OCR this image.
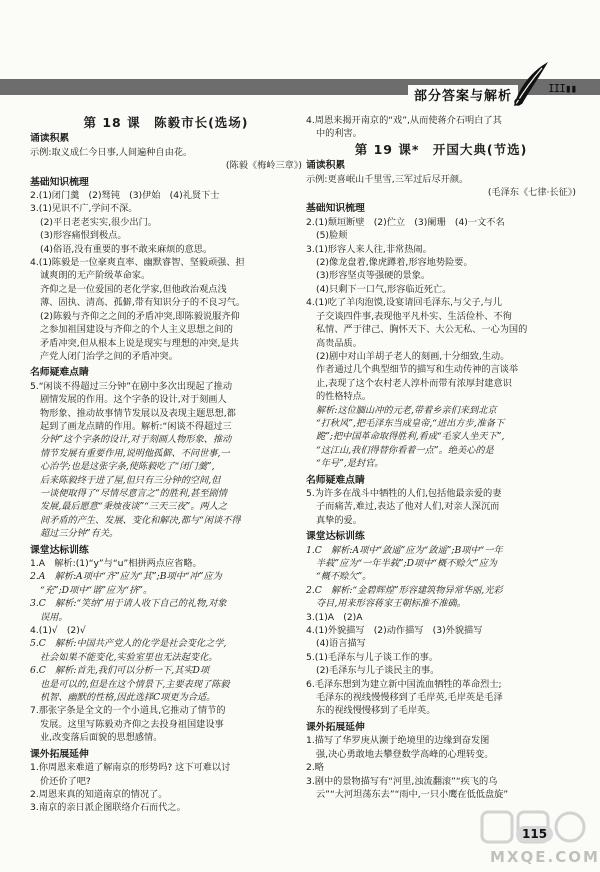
部分答案与解析
III▮▮
第 18 课　陈毅市长(选场)
诵读积累
示例:取义成仁今日事,人间遍种自由花。
(陈毅《梅岭三章》)
基础知识梳理
2.(1)闭门羹　(2)驽钝　(3)伊始　(4)礼贤下士
3.(1)见识不广,学问不深。
(2)平日老老实实,很少出门。
(3)形容痛恨到极点。
(4)俗语,没有重要的事不敢来麻烦的意思。
4.(1)陈毅是一位豪爽直率、幽默睿智、坚毅顽强、担
诚爽朗的无产阶级革命家。
齐仰之是一位爱国的老化学家,但他政治观点浅
薄、固执、清高、孤僻,带有知识分子的不良习气。
(2)陈毅与齐仰之之间的矛盾冲突,即陈毅说服齐仰
之参加祖国建设与齐仰之的个人主义思想之间的
矛盾冲突,但从根本上说是现实与理想的冲突,是共
产党人闭门治学之间的矛盾冲突。
名师疑难点睛
5.“闲谈不得超过三分钟”在剧中多次出现起了推动
剧情发展的作用。这个字条的设计,对于刻画人
物形象、推动故事情节发展以及表现主题思想,都
起到了画龙点睛的作用。解析:“闲谈不得超过三
分钟”这个字条的设计,对于刻画人物形象、推动
情节发展有重要作用,说明他孤僻、不问世事,一
心治学;也是这张字条,使陈毅吃了“闭门羹”,
后来陈毅终于进了屋,但只有三分钟的空间,但
一谈便取得了“尽情尽意言之”的胜利,甚至剧情
发展,最后愿意“秉烛夜谈”“三天三夜”。两人之
间矛盾的产生、发展、变化和解决,都与“闲谈不得
超过三分钟”有关。
课堂达标训练
1.A　解析:(1)“y”与“u”相拼两点应省略。
2.A　解析:A项中“齐”应为“其”;B项中“冲”应为
“充”;D项中“谐”应为“挤”。
3.C　解析:“笑纳”用于请人收下自己的礼物,对象
误用。
4.(1)√　(2)√
5.C　解析:中国共产党人的化学是社会变化之学,
社会如果不能变化,实验室里也无法起变化。
6.C　解析:首先,我们可以分析一下,其实D项
也是可以的,但是在这个情景下,主要表现了陈毅
机智、幽默的性格,因此选择C项更为合适。
7.那张字条是全文的一个小道具,它推动了情节的
发展。这里写陈毅劝齐仰之去投身祖国建设事
业,改变落后面貌的思想感情。
课外拓展延伸
1.你周恩来难道了解南京的形势吗? 这下可难以讨
价还价了吧?
2.周恩来真的知道南京的情况了。
3.南京的亲日派企图联络介石而代之。
4.周恩来揭开南京的“戏”,从而使蒋介石明白了其
中的利害。
第 19 课*　开国大典(节选)
诵读积累
示例:更喜岷山千里雪,三军过后尽开颜。
(毛泽东《七律·长征》)
基础知识梳理
2.(1)颓垣断壁　(2)伫立　(3)阑珊　(4)一文不名
(5)脸颊
3.(1)形容人来人往,非常热闹。
(2)像龙盘着,像虎蹲着,形容地势险要。
(3)形容坚贞等强硬的景象。
(4)只剩下一口气,形容临近死亡。
4.(1)吃了羊肉泡馍,设宴请回毛泽东,与父子,与儿
子交谈四件事,表现他平凡朴实、生活俭朴、不徇
私情、严于律己、胸怀天下、大公无私、一心为国的
高贵品质。
(2)剧中对山羊胡子老人的刻画,十分细致,生动。
作者通过几个典型细节的描写和生动传神的言谈举
止,表现了这个农村老人淳朴而带有浓厚封建意识
的性格特点。
解析:这位腼山冲的元老,带着乡亲们来到北京
“打秋风”,把毛泽东当成皇帝,“进出方步,准备下
跪”;把中国革命取得胜利,看成“毛家人坐天下”,
“这江山,我们得替你看着一点”。绝美心的是
“年号”,是封官。
名师疑难点睛
5.为许多在战斗中牺牲的人们,包括他最亲爱的妻
子而痛苦,难过,表达了他对人们,对亲人深沉而
真挚的爱。
课堂达标训练
1.C　解析:A项中“敛遥”应为“敛遥”;B项中“一年
半载”应为“一年半载”;D项中“概不赊欠”应为
“概不赊欠”。
2.C　解析:“金碧辉煌”形容建筑物异常华丽,光彩
夺目,用来形容蒋家王朝标准不准确。
3.(1)A　(2)A
4.(1)外貌描写　(2)动作描写　(3)外貌描写
(4)语言描写
5.(1)毛泽东与儿子谈工作的事。
(2)毛泽东与儿子谈民主的事。
6.毛泽东想到为建立新中国流血牺牲的革命烈士;
毛泽东的视线慢慢移到了毛岸英,毛岸英是毛泽
东的视线慢慢移到了毛岸英。
课外拓展延伸
1.描写了华罗庚从濒于绝境里的边缘到奋发图
强,决心勇敢地去攀登数学高峰的心理转变。
2.略
3.剧中的景物描写有“河里,浊流翻滚”“疾飞的乌
云”“大河坦荡东去”“雨中,一只小鹰在低低盘旋”
MXQE.COM
115
